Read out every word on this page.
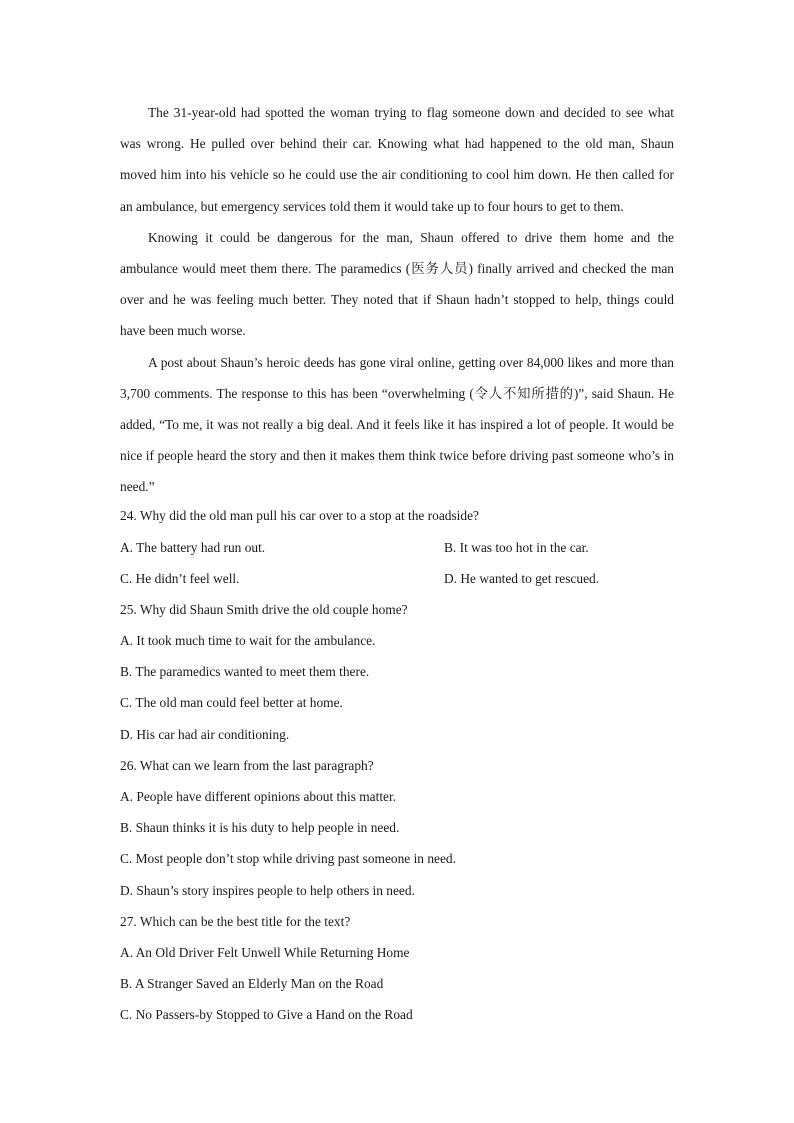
The 31-year-old had spotted the woman trying to flag someone down and decided to see what was wrong. He pulled over behind their car. Knowing what had happened to the old man, Shaun moved him into his vehicle so he could use the air conditioning to cool him down. He then called for an ambulance, but emergency services told them it would take up to four hours to get to them.

Knowing it could be dangerous for the man, Shaun offered to drive them home and the ambulance would meet them there. The paramedics (医务人员) finally arrived and checked the man over and he was feeling much better. They noted that if Shaun hadn’t stopped to help, things could have been much worse.

A post about Shaun’s heroic deeds has gone viral online, getting over 84,000 likes and more than 3,700 comments. The response to this has been “overwhelming (令人不知所措的)”, said Shaun. He added, “To me, it was not really a big deal. And it feels like it has inspired a lot of people. It would be nice if people heard the story and then it makes them think twice before driving past someone who’s in need.”

24. Why did the old man pull his car over to a stop at the roadside?
A. The battery had run out.	B. It was too hot in the car.
C. He didn’t feel well.	D. He wanted to get rescued.
25. Why did Shaun Smith drive the old couple home?
A. It took much time to wait for the ambulance.
B. The paramedics wanted to meet them there.
C. The old man could feel better at home.
D. His car had air conditioning.
26. What can we learn from the last paragraph?
A. People have different opinions about this matter.
B. Shaun thinks it is his duty to help people in need.
C. Most people don’t stop while driving past someone in need.
D. Shaun’s story inspires people to help others in need.
27. Which can be the best title for the text?
A. An Old Driver Felt Unwell While Returning Home
B. A Stranger Saved an Elderly Man on the Road
C. No Passers-by Stopped to Give a Hand on the Road
